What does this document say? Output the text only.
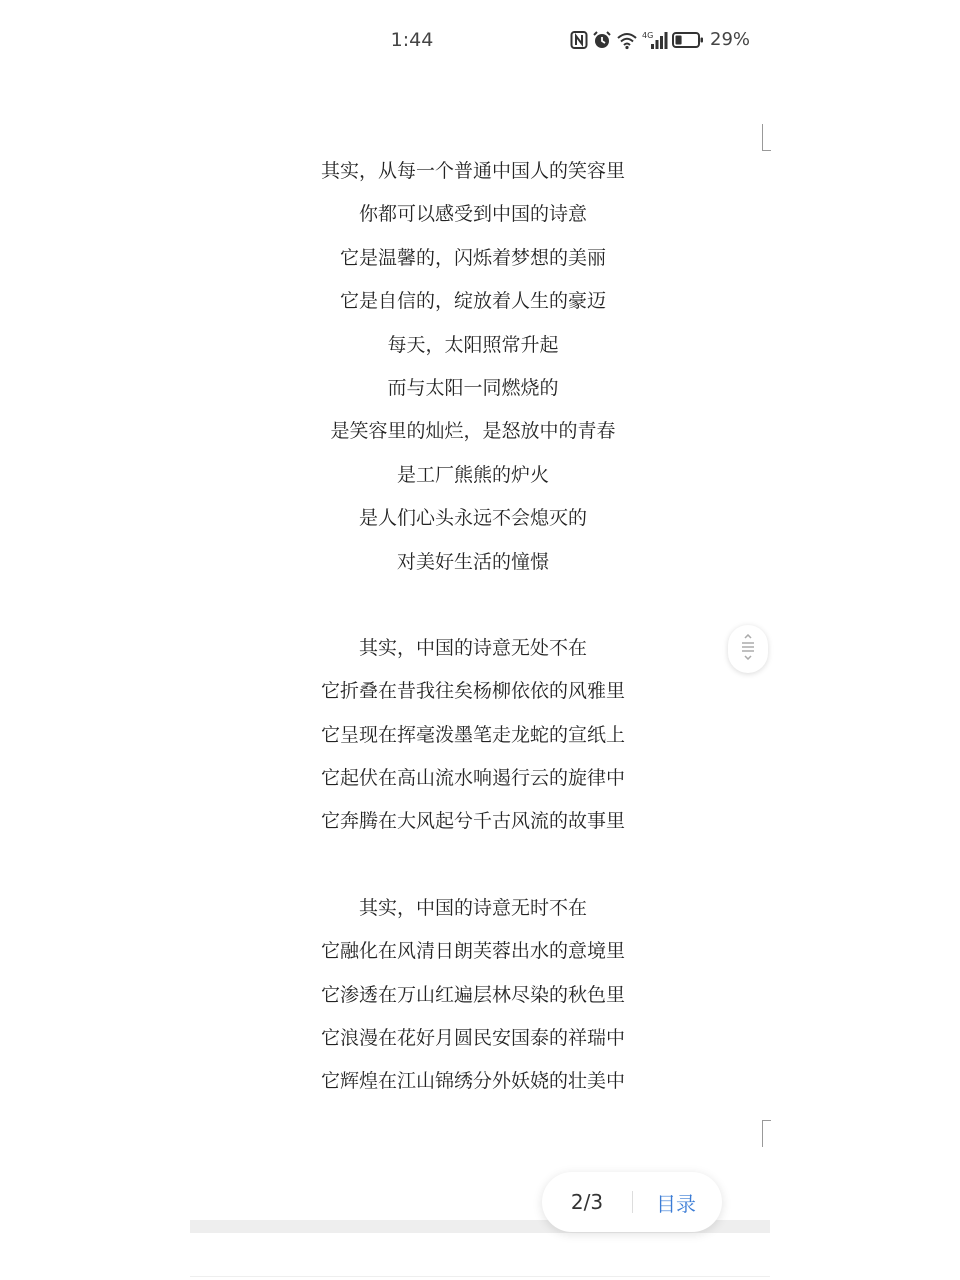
1:44	4G	29%
其实，从每一个普通中国人的笑容里
你都可以感受到中国的诗意
它是温馨的，闪烁着梦想的美丽
它是自信的，绽放着人生的豪迈
每天，太阳照常升起
而与太阳一同燃烧的
是笑容里的灿烂，是怒放中的青春
是工厂熊熊的炉火
是人们心头永远不会熄灭的
对美好生活的憧憬
其实，中国的诗意无处不在
它折叠在昔我往矣杨柳依依的风雅里
它呈现在挥毫泼墨笔走龙蛇的宣纸上
它起伏在高山流水响遏行云的旋律中
它奔腾在大风起兮千古风流的故事里
其实，中国的诗意无时不在
它融化在风清日朗芙蓉出水的意境里
它渗透在万山红遍层林尽染的秋色里
它浪漫在花好月圆民安国泰的祥瑞中
它辉煌在江山锦绣分外妖娆的壮美中
2/3	目录
